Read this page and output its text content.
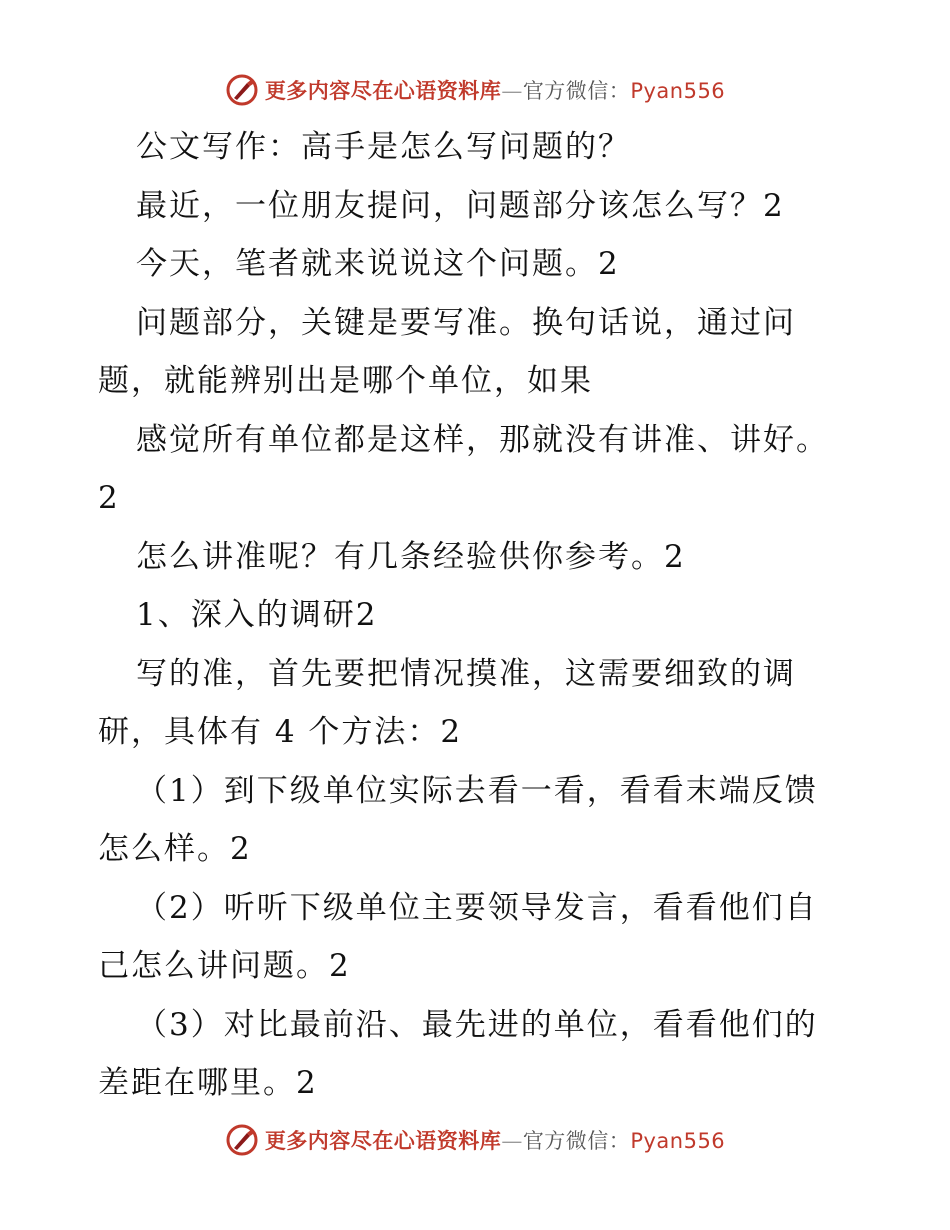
更多内容尽在心语资料库—官方微信：Pyan556

公文写作：高手是怎么写问题的？

最近，一位朋友提问，问题部分该怎么写？2

今天，笔者就来说说这个问题。2

问题部分，关键是要写准。换句话说，通过问题，就能辨别出是哪个单位，如果

感觉所有单位都是这样，那就没有讲准、讲好。2

怎么讲准呢？有几条经验供你参考。2

1、深入的调研2

写的准，首先要把情况摸准，这需要细致的调研，具体有 4 个方法：2

（1）到下级单位实际去看一看，看看末端反馈怎么样。2

（2）听听下级单位主要领导发言，看看他们自己怎么讲问题。2

（3）对比最前沿、最先进的单位，看看他们的差距在哪里。2

更多内容尽在心语资料库—官方微信：Pyan556
